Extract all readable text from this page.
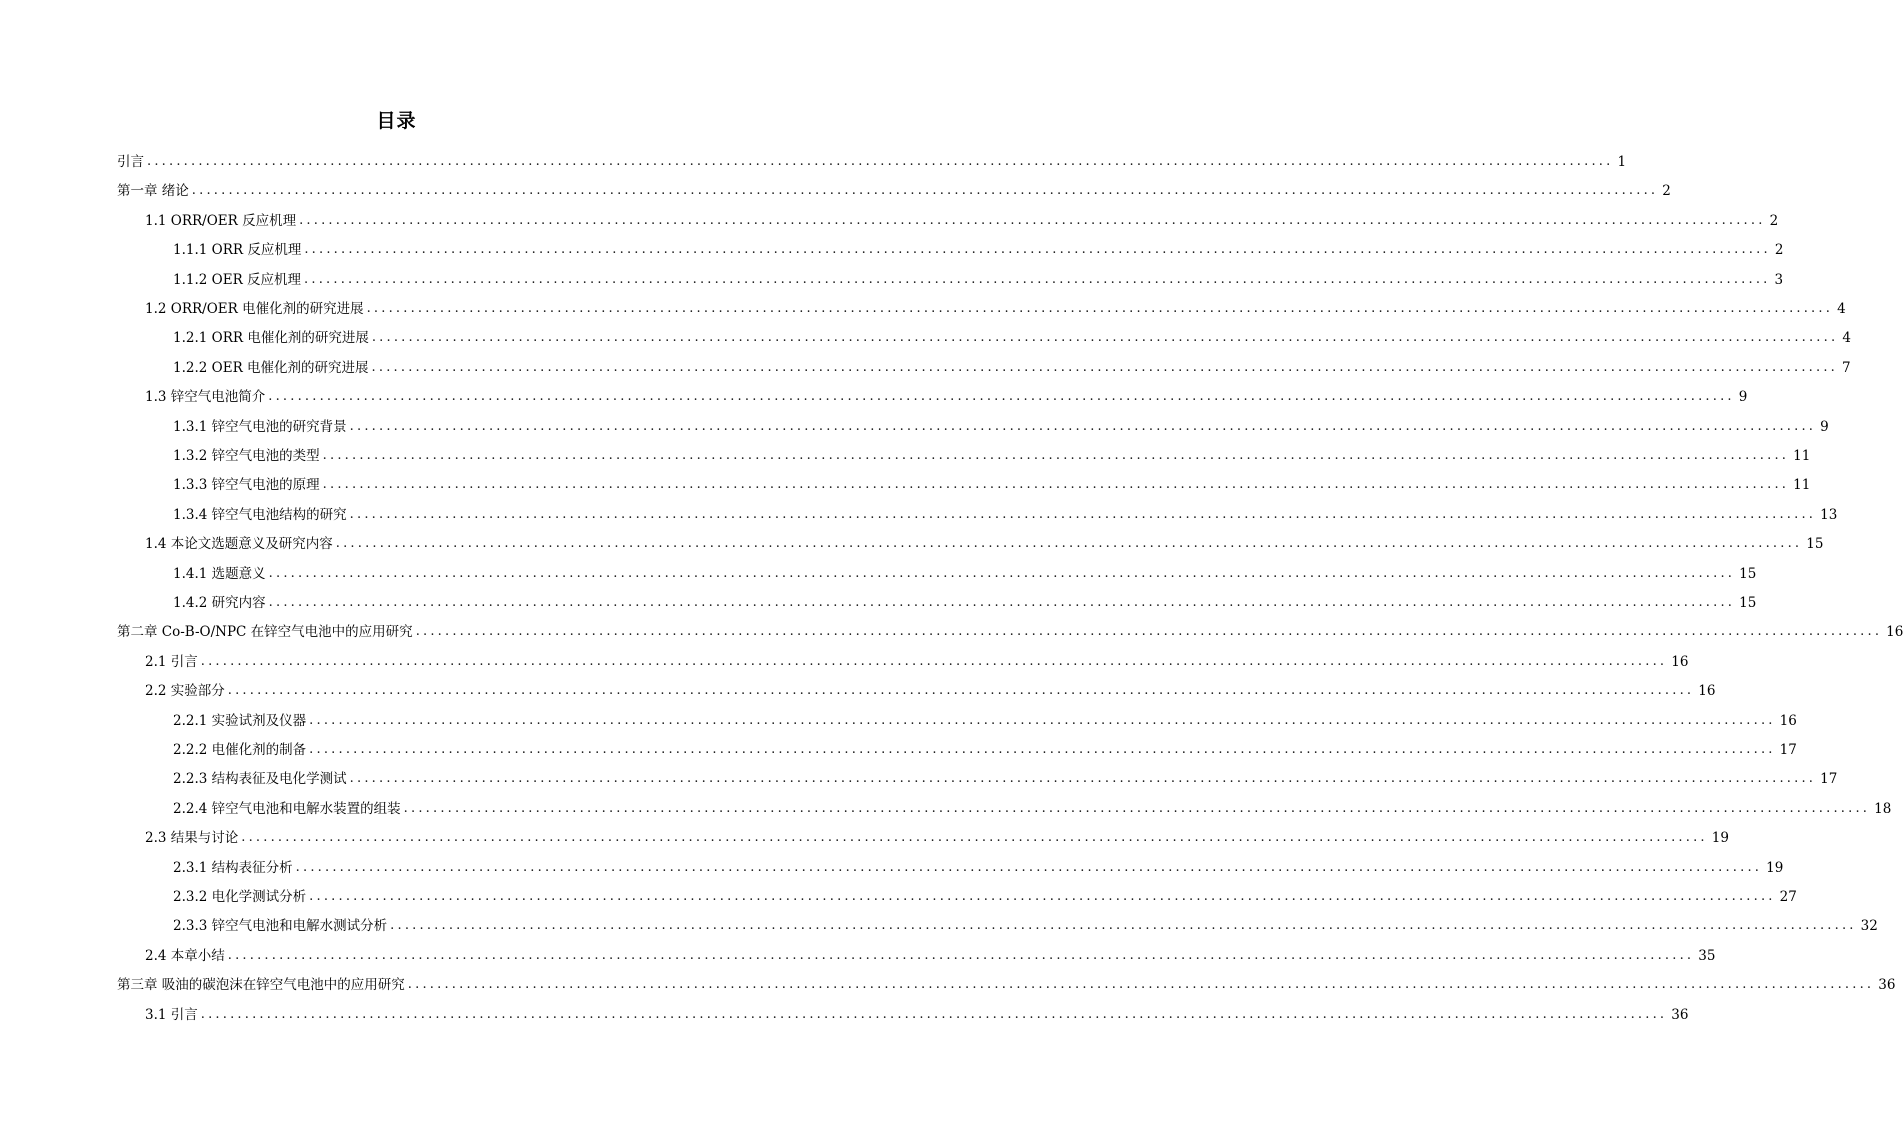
目录
引言 ........................................................................................................................................................................................................ 1
第一章 绪论 ........................................................................................................................................................................................................ 2
1.1 ORR/OER 反应机理 ........................................................................................................................................................................................................ 2
1.1.1 ORR 反应机理 ........................................................................................................................................................................................................ 2
1.1.2 OER 反应机理 ........................................................................................................................................................................................................ 3
1.2 ORR/OER 电催化剂的研究进展 ........................................................................................................................................................................................................ 4
1.2.1 ORR 电催化剂的研究进展 ........................................................................................................................................................................................................ 4
1.2.2 OER 电催化剂的研究进展 ........................................................................................................................................................................................................ 7
1.3 锌空气电池简介 ........................................................................................................................................................................................................ 9
1.3.1 锌空气电池的研究背景 ........................................................................................................................................................................................................ 9
1.3.2 锌空气电池的类型 ........................................................................................................................................................................................................ 11
1.3.3 锌空气电池的原理 ........................................................................................................................................................................................................ 11
1.3.4 锌空气电池结构的研究 ........................................................................................................................................................................................................ 13
1.4 本论文选题意义及研究内容 ........................................................................................................................................................................................................ 15
1.4.1 选题意义 ........................................................................................................................................................................................................ 15
1.4.2 研究内容 ........................................................................................................................................................................................................ 15
第二章 Co-B-O/NPC 在锌空气电池中的应用研究 ........................................................................................................................................................................................................ 16
2.1 引言 ........................................................................................................................................................................................................ 16
2.2 实验部分 ........................................................................................................................................................................................................ 16
2.2.1 实验试剂及仪器 ........................................................................................................................................................................................................ 16
2.2.2 电催化剂的制备 ........................................................................................................................................................................................................ 17
2.2.3 结构表征及电化学测试 ........................................................................................................................................................................................................ 17
2.2.4 锌空气电池和电解水装置的组装 ........................................................................................................................................................................................................ 18
2.3 结果与讨论 ........................................................................................................................................................................................................ 19
2.3.1 结构表征分析 ........................................................................................................................................................................................................ 19
2.3.2 电化学测试分析 ........................................................................................................................................................................................................ 27
2.3.3 锌空气电池和电解水测试分析 ........................................................................................................................................................................................................ 32
2.4 本章小结 ........................................................................................................................................................................................................ 35
第三章 吸油的碳泡沫在锌空气电池中的应用研究 ........................................................................................................................................................................................................ 36
3.1 引言 ........................................................................................................................................................................................................ 36
